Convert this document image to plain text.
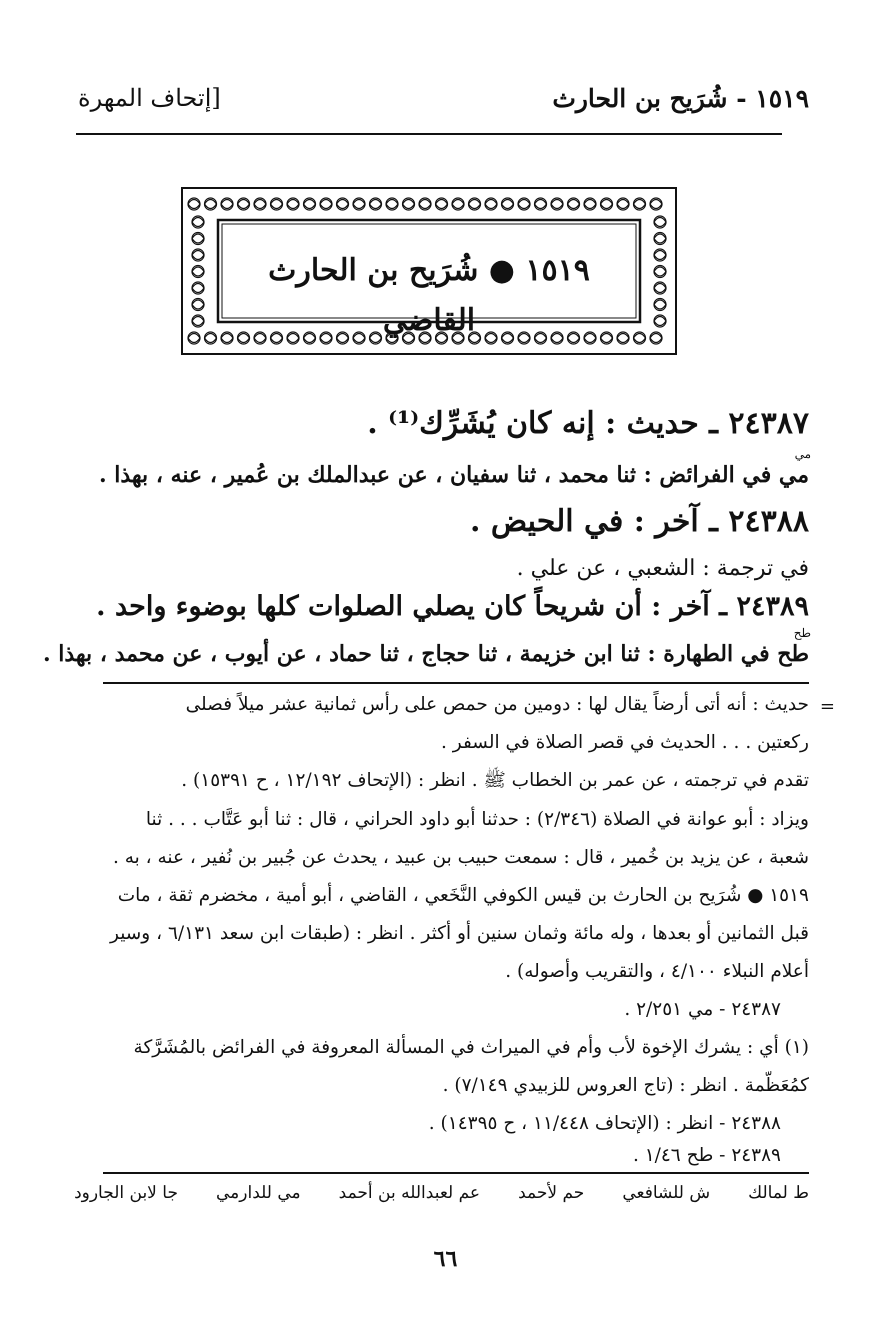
١٥١٩ - شُرَيح بن الحارث
[إتحاف المهرة
١٥١٩ ● شُرَيح بن الحارث القاضي
٢٤٣٨٧ ـ حديث : إنه كان يُشَرِّك⁽¹⁾ .
مي
مي في الفرائض : ثنا محمد ، ثنا سفيان ، عن عبدالملك بن عُمير ، عنه ، بهذا .
٢٤٣٨٨ ـ آخر : في الحيض .
في ترجمة : الشعبي ، عن علي .
٢٤٣٨٩ ـ آخر : أن شريحاً كان يصلي الصلوات كلها بوضوء واحد .
طح
طح في الطهارة : ثنا ابن خزيمة ، ثنا حجاج ، ثنا حماد ، عن أيوب ، عن محمد ، بهذا .
=
حديث : أنه أتى أرضاً يقال لها : دومين من حمص على رأس ثمانية عشر ميلاً فصلى
ركعتين . . . الحديث في قصر الصلاة في السفر .
تقدم في ترجمته ، عن عمر بن الخطاب ﷺ . انظر : (الإتحاف ١٢/١٩٢ ، ح ١٥٣٩١) .
ويزاد : أبو عوانة في الصلاة (٢/٣٤٦) : حدثنا أبو داود الحراني ، قال : ثنا أبو عَتَّاب . . . ثنا
شعبة ، عن يزيد بن خُمير ، قال : سمعت حبيب بن عبيد ، يحدث عن جُبير بن نُفير ، عنه ، به .
١٥١٩ ● شُرَيح بن الحارث بن قيس الكوفي النَّخَعي ، القاضي ، أبو أمية ، مخضرم ثقة ، مات
قبل الثمانين أو بعدها ، وله مائة وثمان سنين أو أكثر . انظر : (طبقات ابن سعد ٦/١٣١ ، وسير
أعلام النبلاء ٤/١٠٠ ، والتقريب وأصوله) .
٢٤٣٨٧ - مي ٢/٢٥١ .
(١) أي : يشرك الإخوة لأب وأم في الميراث في المسألة المعروفة في الفرائض بالمُشَرَّكة
كمُعَظَّمة . انظر : (تاج العروس للزبيدي ٧/١٤٩) .
٢٤٣٨٨ - انظر : (الإتحاف ١١/٤٤٨ ، ح ١٤٣٩٥) .
٢٤٣٨٩ - طح ١/٤٦ .
ط لمالك
ش للشافعي
حم لأحمد
عم لعبدالله بن أحمد
مي للدارمي
جا لابن الجارود
٦٦
